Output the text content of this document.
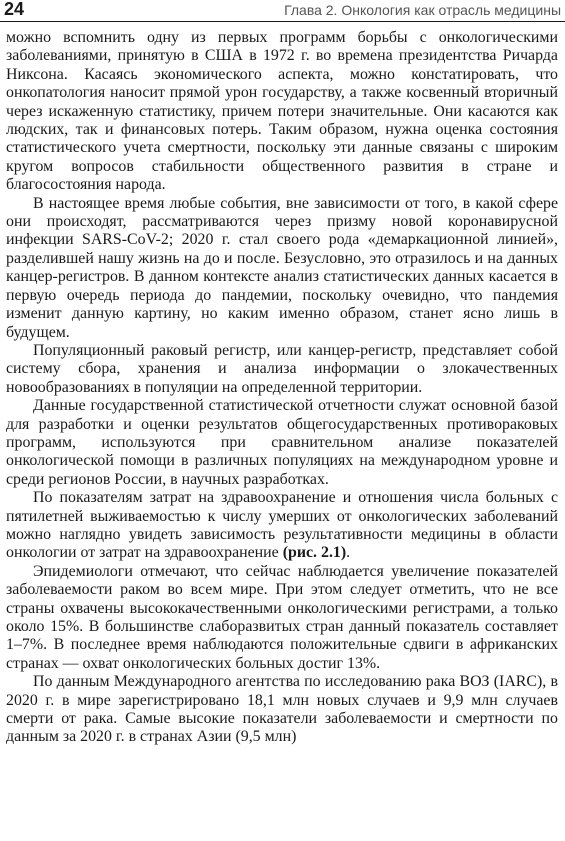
24	Глава 2. Онкология как отрасль медицины

можно вспомнить одну из первых программ борьбы с онкологическими заболеваниями, принятую в США в 1972 г. во времена президентства Ричарда Никсона. Касаясь экономического аспекта, можно констатировать, что онкопатология наносит прямой урон государству, а также косвенный вторичный через искаженную статистику, причем потери значительные. Они касаются как людских, так и финансовых потерь. Таким образом, нужна оценка состояния статистического учета смертности, поскольку эти данные связаны с широким кругом вопросов стабильности общественного развития в стране и благосостояния народа.

В настоящее время любые события, вне зависимости от того, в какой сфере они происходят, рассматриваются через призму новой коронавирусной инфекции SARS-CoV-2; 2020 г. стал своего рода «демаркационной линией», разделившей нашу жизнь на до и после. Безусловно, это отразилось и на данных канцер-регистров. В данном контексте анализ статистических данных касается в первую очередь периода до пандемии, поскольку очевидно, что пандемия изменит данную картину, но каким именно образом, станет ясно лишь в будущем.

Популяционный раковый регистр, или канцер-регистр, представляет собой систему сбора, хранения и анализа информации о злокачественных новообразованиях в популяции на определенной территории.

Данные государственной статистической отчетности служат основной базой для разработки и оценки результатов общегосударственных противораковых программ, используются при сравнительном анализе показателей онкологической помощи в различных популяциях на международном уровне и среди регионов России, в научных разработках.

По показателям затрат на здравоохранение и отношения числа больных с пятилетней выживаемостью к числу умерших от онкологических заболеваний можно наглядно увидеть зависимость результативности медицины в области онкологии от затрат на здравоохранение (рис. 2.1).

Эпидемиологи отмечают, что сейчас наблюдается увеличение показателей заболеваемости раком во всем мире. При этом следует отметить, что не все страны охвачены высококачественными онкологическими регистрами, а только около 15%. В большинстве слаборазвитых стран данный показатель составляет 1–7%. В последнее время наблюдаются положительные сдвиги в африканских странах — охват онкологических больных достиг 13%.

По данным Международного агентства по исследованию рака ВОЗ (IARC), в 2020 г. в мире зарегистрировано 18,1 млн новых случаев и 9,9 млн случаев смерти от рака. Самые высокие показатели заболеваемости и смертности по данным за 2020 г. в странах Азии (9,5 млн)
